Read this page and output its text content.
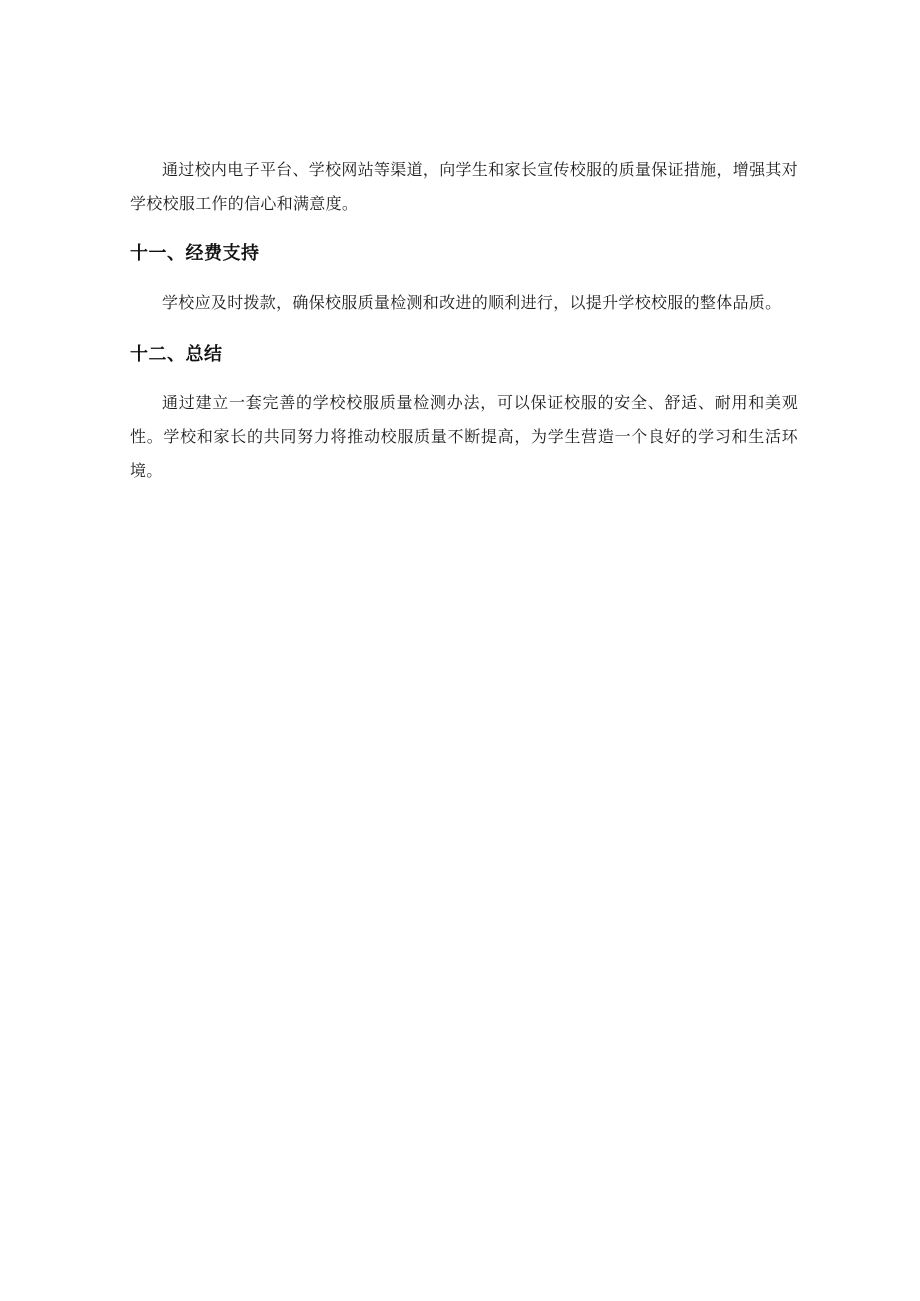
通过校内电子平台、学校网站等渠道，向学生和家长宣传校服的质量保证措施，增强其对学校校服工作的信心和满意度。

十一、经费支持

学校应及时拨款，确保校服质量检测和改进的顺利进行，以提升学校校服的整体品质。

十二、总结

通过建立一套完善的学校校服质量检测办法，可以保证校服的安全、舒适、耐用和美观性。学校和家长的共同努力将推动校服质量不断提高，为学生营造一个良好的学习和生活环境。
